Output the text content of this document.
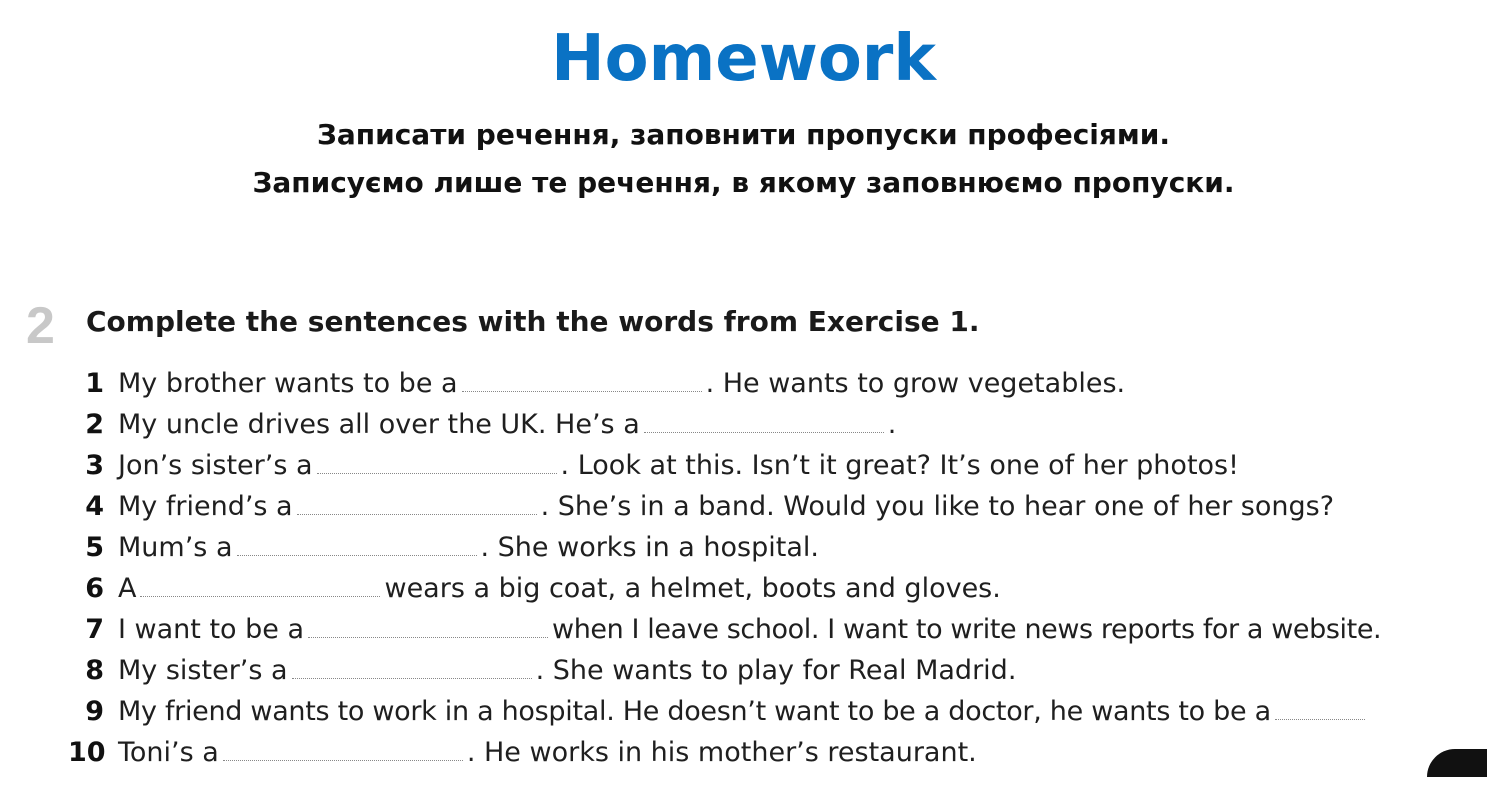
Homework
Записати речення, заповнити пропуски професіями.
Записуємо лише те речення, в якому заповнюємо пропуски.
2 Complete the sentences with the words from Exercise 1.
1 My brother wants to be a	. He wants to grow vegetables.
2 My uncle drives all over the UK. He’s a	.
3 Jon’s sister’s a	. Look at this. Isn’t it great? It’s one of her photos!
4 My friend’s a	. She’s in a band. Would you like to hear one of her songs?
5 Mum’s a	. She works in a hospital.
6 A	wears a big coat, a helmet, boots and gloves.
7 I want to be a	when I leave school. I want to write news reports for a website.
8 My sister’s a	. She wants to play for Real Madrid.
9 My friend wants to work in a hospital. He doesn’t want to be a doctor, he wants to be a
10 Toni’s a	. He works in his mother’s restaurant.
